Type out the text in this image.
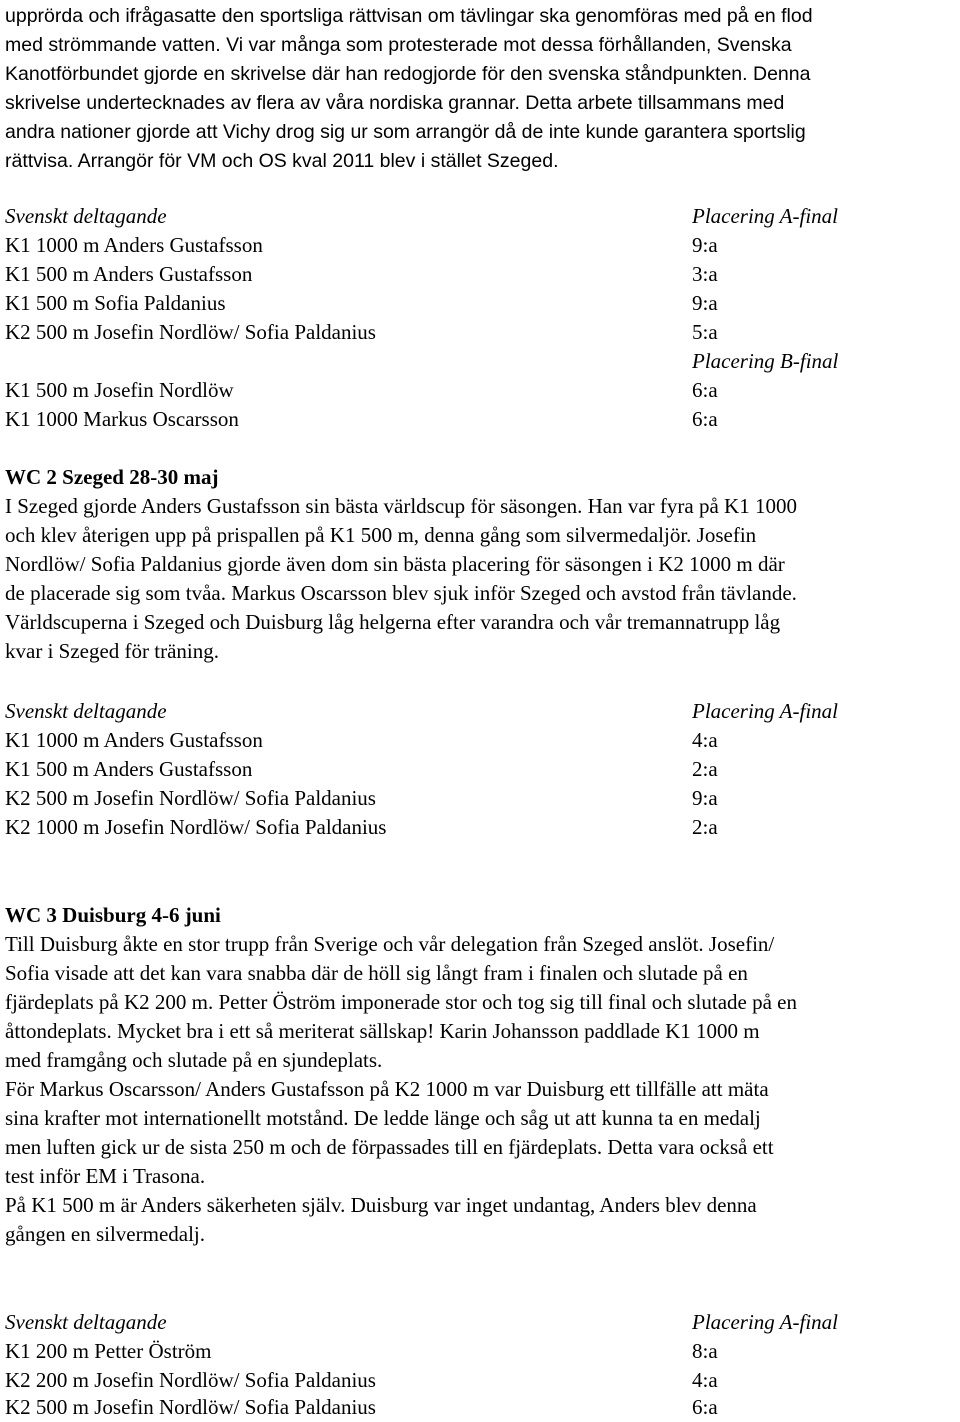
upprörda och ifrågasatte den sportsliga rättvisan om tävlingar ska genomföras med på en flod
med strömmande vatten. Vi var många som protesterade mot dessa förhållanden, Svenska
Kanotförbundet gjorde en skrivelse där han redogjorde för den svenska ståndpunkten. Denna
skrivelse undertecknades av flera av våra nordiska grannar. Detta arbete tillsammans med
andra nationer gjorde att Vichy drog sig ur som arrangör då de inte kunde garantera sportslig
rättvisa. Arrangör för VM och OS kval 2011 blev i stället Szeged.
Svenskt deltagande	Placering A-final
K1 1000 m Anders Gustafsson	9:a
K1 500 m Anders Gustafsson	3:a
K1 500 m Sofia Paldanius	9:a
K2 500 m Josefin Nordlöw/ Sofia Paldanius	5:a
Placering B-final
K1 500 m Josefin Nordlöw	6:a
K1 1000 Markus Oscarsson	6:a
WC 2 Szeged 28-30 maj
I Szeged gjorde Anders Gustafsson sin bästa världscup för säsongen. Han var fyra på K1 1000
och klev återigen upp på prispallen på K1 500 m, denna gång som silvermedaljör. Josefin
Nordlöw/ Sofia Paldanius gjorde även dom sin bästa placering för säsongen i K2 1000 m där
de placerade sig som tvåa. Markus Oscarsson blev sjuk inför Szeged och avstod från tävlande.
Världscuperna i Szeged och Duisburg låg helgerna efter varandra och vår tremannatrupp låg
kvar i Szeged för träning.
Svenskt deltagande	Placering A-final
K1 1000 m Anders Gustafsson	4:a
K1 500 m Anders Gustafsson	2:a
K2 500 m Josefin Nordlöw/ Sofia Paldanius	9:a
K2 1000 m Josefin Nordlöw/ Sofia Paldanius	2:a
WC 3 Duisburg 4-6 juni
Till Duisburg åkte en stor trupp från Sverige och vår delegation från Szeged anslöt. Josefin/
Sofia visade att det kan vara snabba där de höll sig långt fram i finalen och slutade på en
fjärdeplats på K2 200 m. Petter Öström imponerade stor och tog sig till final och slutade på en
åttondeplats. Mycket bra i ett så meriterat sällskap! Karin Johansson paddlade K1 1000 m
med framgång och slutade på en sjundeplats.
För Markus Oscarsson/ Anders Gustafsson på K2 1000 m var Duisburg ett tillfälle att mäta
sina krafter mot internationellt motstånd. De ledde länge och såg ut att kunna ta en medalj
men luften gick ur de sista 250 m och de förpassades till en fjärdeplats. Detta vara också ett
test inför EM i Trasona.
På K1 500 m är Anders säkerheten själv. Duisburg var inget undantag, Anders blev denna
gången en silvermedalj.
Svenskt deltagande	Placering A-final
K1 200 m Petter Öström	8:a
K2 200 m Josefin Nordlöw/ Sofia Paldanius	4:a
K2 500 m Josefin Nordlöw/ Sofia Paldanius	6:a
